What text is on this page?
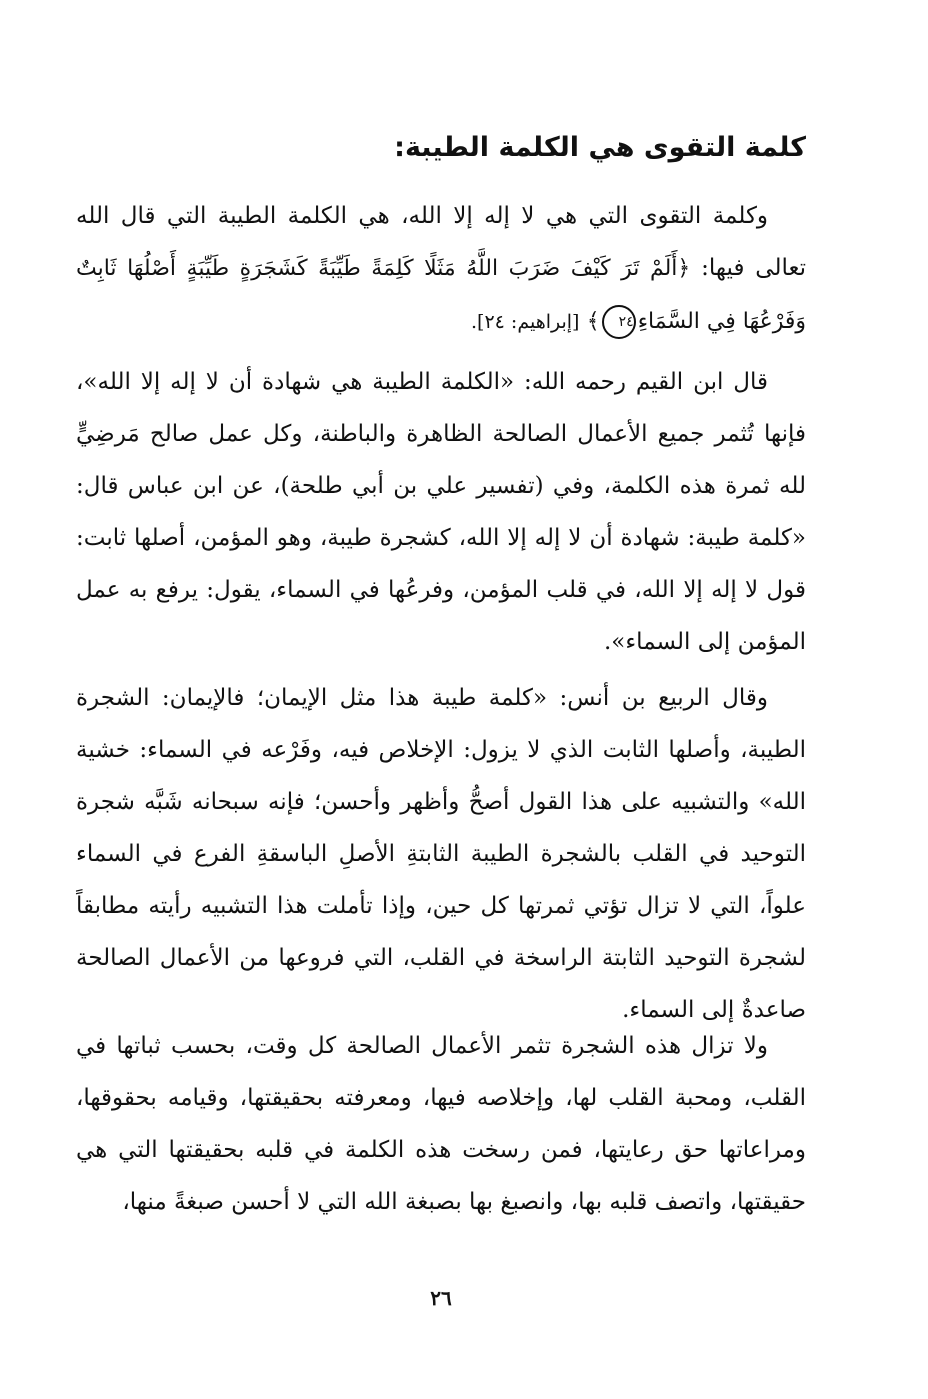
كلمة التقوى هي الكلمة الطيبة:

وكلمة التقوى التي هي لا إله إلا الله، هي الكلمة الطيبة التي قال الله تعالى فيها: ﴿أَلَمْ تَرَ كَيْفَ ضَرَبَ اللَّهُ مَثَلًا كَلِمَةً طَيِّبَةً كَشَجَرَةٍ طَيِّبَةٍ أَصْلُهَا ثَابِتٌ وَفَرْعُهَا فِي السَّمَاءِ٢٤﴾ [إبراهيم: ٢٤].

قال ابن القيم رحمه الله: «الكلمة الطيبة هي شهادة أن لا إله إلا الله»، فإنها تُثمر جميع الأعمال الصالحة الظاهرة والباطنة، وكل عمل صالح مَرضِيٍّ لله ثمرة هذه الكلمة، وفي (تفسير علي بن أبي طلحة)، عن ابن عباس قال: «كلمة طيبة: شهادة أن لا إله إلا الله، كشجرة طيبة، وهو المؤمن، أصلها ثابت: قول لا إله إلا الله، في قلب المؤمن، وفرعُها في السماء، يقول: يرفع به عمل المؤمن إلى السماء».

وقال الربيع بن أنس: «كلمة طيبة هذا مثل الإيمان؛ فالإيمان: الشجرة الطيبة، وأصلها الثابت الذي لا يزول: الإخلاص فيه، وفَرْعه في السماء: خشية الله» والتشبيه على هذا القول أصحُّ وأظهر وأحسن؛ فإنه سبحانه شَبَّه شجرة التوحيد في القلب بالشجرة الطيبة الثابتةِ الأصلِ الباسقةِ الفرع في السماء علواً، التي لا تزال تؤتي ثمرتها كل حين، وإذا تأملت هذا التشبيه رأيته مطابقاً لشجرة التوحيد الثابتة الراسخة في القلب، التي فروعها من الأعمال الصالحة صاعدةٌ إلى السماء.

ولا تزال هذه الشجرة تثمر الأعمال الصالحة كل وقت، بحسب ثباتها في القلب، ومحبة القلب لها، وإخلاصه فيها، ومعرفته بحقيقتها، وقيامه بحقوقها، ومراعاتها حق رعايتها، فمن رسخت هذه الكلمة في قلبه بحقيقتها التي هي حقيقتها، واتصف قلبه بها، وانصبغ بها بصبغة الله التي لا أحسن صبغةً منها،

٢٦
